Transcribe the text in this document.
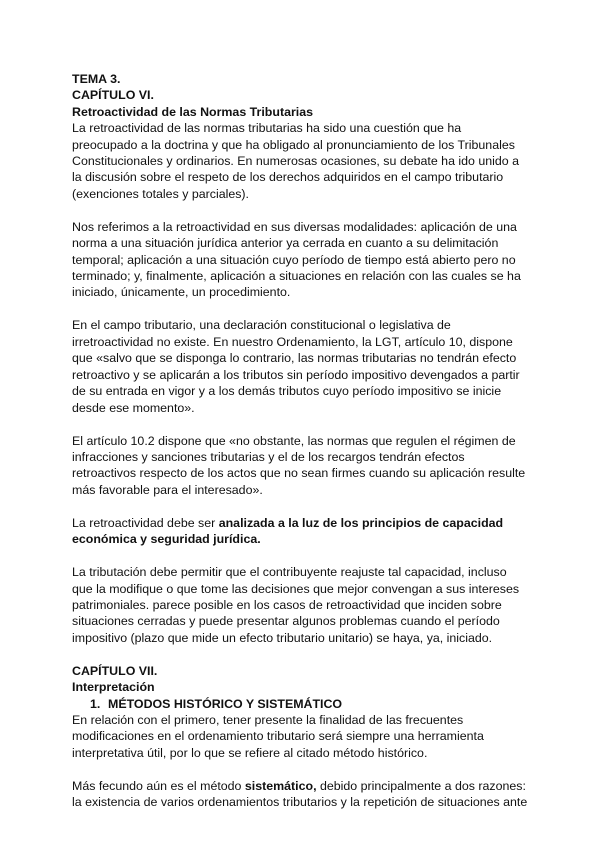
TEMA 3.
CAPÍTULO VI.
Retroactividad de las Normas Tributarias

La retroactividad de las normas tributarias ha sido una cuestión que ha preocupado a la doctrina y que ha obligado al pronunciamiento de los Tribunales Constitucionales y ordinarios. En numerosas ocasiones, su debate ha ido unido a la discusión sobre el respeto de los derechos adquiridos en el campo tributario (exenciones totales y parciales).

Nos referimos a la retroactividad en sus diversas modalidades: aplicación de una norma a una situación jurídica anterior ya cerrada en cuanto a su delimitación temporal; aplicación a una situación cuyo período de tiempo está abierto pero no terminado; y, finalmente, aplicación a situaciones en relación con las cuales se ha iniciado, únicamente, un procedimiento.

En el campo tributario, una declaración constitucional o legislativa de irretroactividad no existe. En nuestro Ordenamiento, la LGT, artículo 10, dispone que «salvo que se disponga lo contrario, las normas tributarias no tendrán efecto retroactivo y se aplicarán a los tributos sin período impositivo devengados a partir de su entrada en vigor y a los demás tributos cuyo período impositivo se inicie desde ese momento».

El artículo 10.2 dispone que «no obstante, las normas que regulen el régimen de infracciones y sanciones tributarias y el de los recargos tendrán efectos retroactivos respecto de los actos que no sean firmes cuando su aplicación resulte más favorable para el interesado».

La retroactividad debe ser analizada a la luz de los principios de capacidad económica y seguridad jurídica.

La tributación debe permitir que el contribuyente reajuste tal capacidad, incluso que la modifique o que tome las decisiones que mejor convengan a sus intereses patrimoniales. parece posible en los casos de retroactividad que inciden sobre situaciones cerradas y puede presentar algunos problemas cuando el período impositivo (plazo que mide un efecto tributario unitario) se haya, ya, iniciado.

CAPÍTULO VII.
Interpretación
1. MÉTODOS HISTÓRICO Y SISTEMÁTICO

En relación con el primero, tener presente la finalidad de las frecuentes modificaciones en el ordenamiento tributario será siempre una herramienta interpretativa útil, por lo que se refiere al citado método histórico.

Más fecundo aún es el método sistemático, debido principalmente a dos razones: la existencia de varios ordenamientos tributarios y la repetición de situaciones ante
